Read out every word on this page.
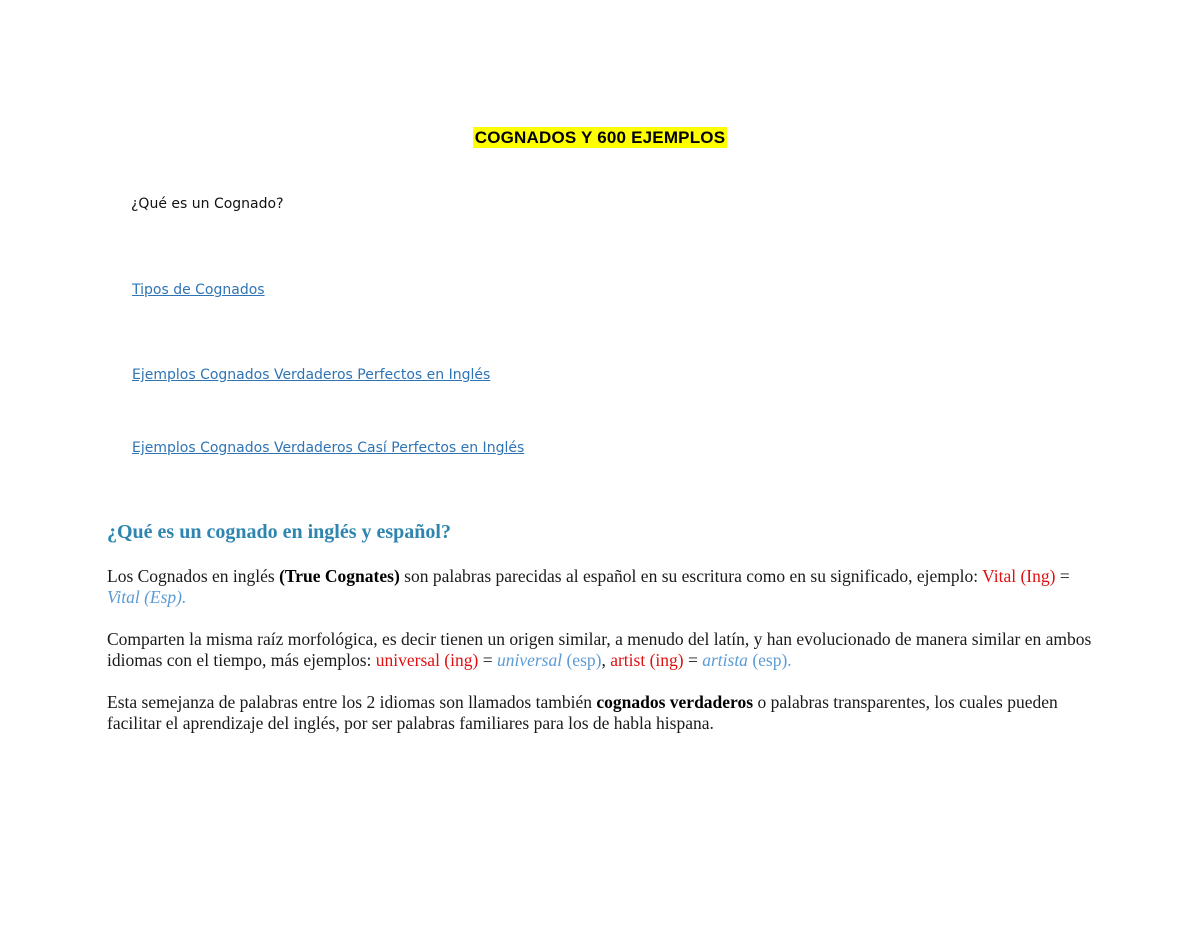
COGNADOS Y 600 EJEMPLOS
¿Qué es un Cognado?
Tipos de Cognados
Ejemplos Cognados Verdaderos Perfectos en Inglés
Ejemplos Cognados Verdaderos Casí Perfectos en Inglés
¿Qué es un cognado en inglés y español?
Los Cognados en inglés (True Cognates) son palabras parecidas al español en su escritura como en su significado, ejemplo: Vital (Ing) = Vital (Esp).
Comparten la misma raíz morfológica, es decir tienen un origen similar, a menudo del latín, y han evolucionado de manera similar en ambos idiomas con el tiempo, más ejemplos: universal (ing) = universal (esp), artist (ing) = artista (esp).
Esta semejanza de palabras entre los 2 idiomas son llamados también cognados verdaderos o palabras transparentes, los cuales pueden facilitar el aprendizaje del inglés, por ser palabras familiares para los de habla hispana.
